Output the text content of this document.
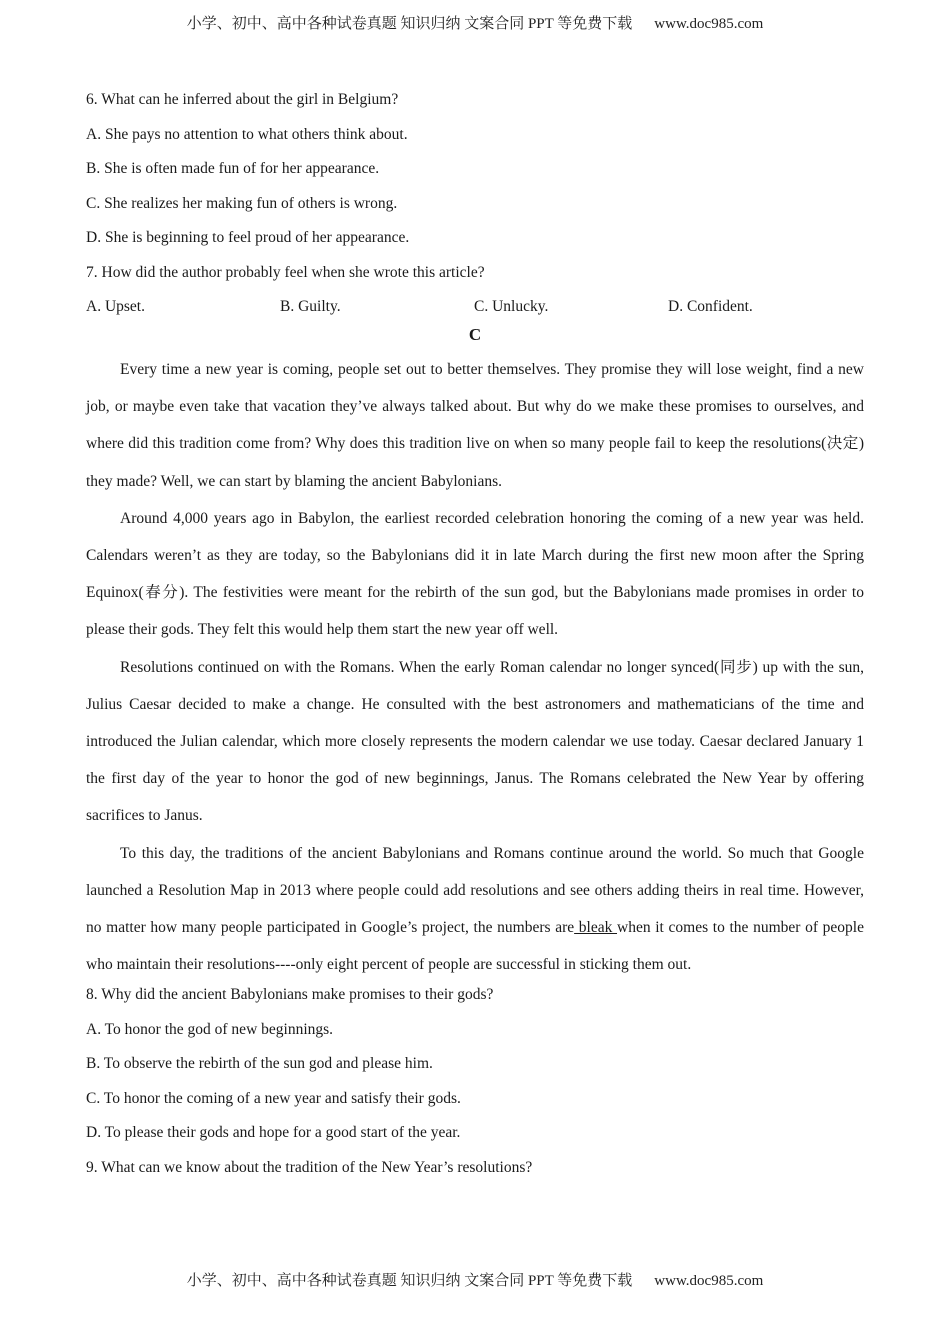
小学、初中、高中各种试卷真题 知识归纳 文案合同 PPT 等免费下载 www.doc985.com
6. What can he inferred about the girl in Belgium?
A. She pays no attention to what others think about.
B. She is often made fun of for her appearance.
C. She realizes her making fun of others is wrong.
D. She is beginning to feel proud of her appearance.
7. How did the author probably feel when she wrote this article?
A. Upset.	B. Guilty.	C. Unlucky.	D. Confident.
C

Every time a new year is coming, people set out to better themselves. They promise they will lose weight, find a new job, or maybe even take that vacation they’ve always talked about. But why do we make these promises to ourselves, and where did this tradition come from? Why does this tradition live on when so many people fail to keep the resolutions(决定) they made? Well, we can start by blaming the ancient Babylonians.

Around 4,000 years ago in Babylon, the earliest recorded celebration honoring the coming of a new year was held. Calendars weren’t as they are today, so the Babylonians did it in late March during the first new moon after the Spring Equinox(春分). The festivities were meant for the rebirth of the sun god, but the Babylonians made promises in order to please their gods. They felt this would help them start the new year off well.

Resolutions continued on with the Romans. When the early Roman calendar no longer synced(同步) up with the sun, Julius Caesar decided to make a change. He consulted with the best astronomers and mathematicians of the time and introduced the Julian calendar, which more closely represents the modern calendar we use today. Caesar declared January 1 the first day of the year to honor the god of new beginnings, Janus. The Romans celebrated the New Year by offering sacrifices to Janus.

To this day, the traditions of the ancient Babylonians and Romans continue around the world. So much that Google launched a Resolution Map in 2013 where people could add resolutions and see others adding theirs in real time. However, no matter how many people participated in Google’s project, the numbers are bleak when it comes to the number of people who maintain their resolutions----only eight percent of people are successful in sticking them out.

8. Why did the ancient Babylonians make promises to their gods?
A. To honor the god of new beginnings.
B. To observe the rebirth of the sun god and please him.
C. To honor the coming of a new year and satisfy their gods.
D. To please their gods and hope for a good start of the year.
9. What can we know about the tradition of the New Year’s resolutions?
小学、初中、高中各种试卷真题 知识归纳 文案合同 PPT 等免费下载 www.doc985.com
